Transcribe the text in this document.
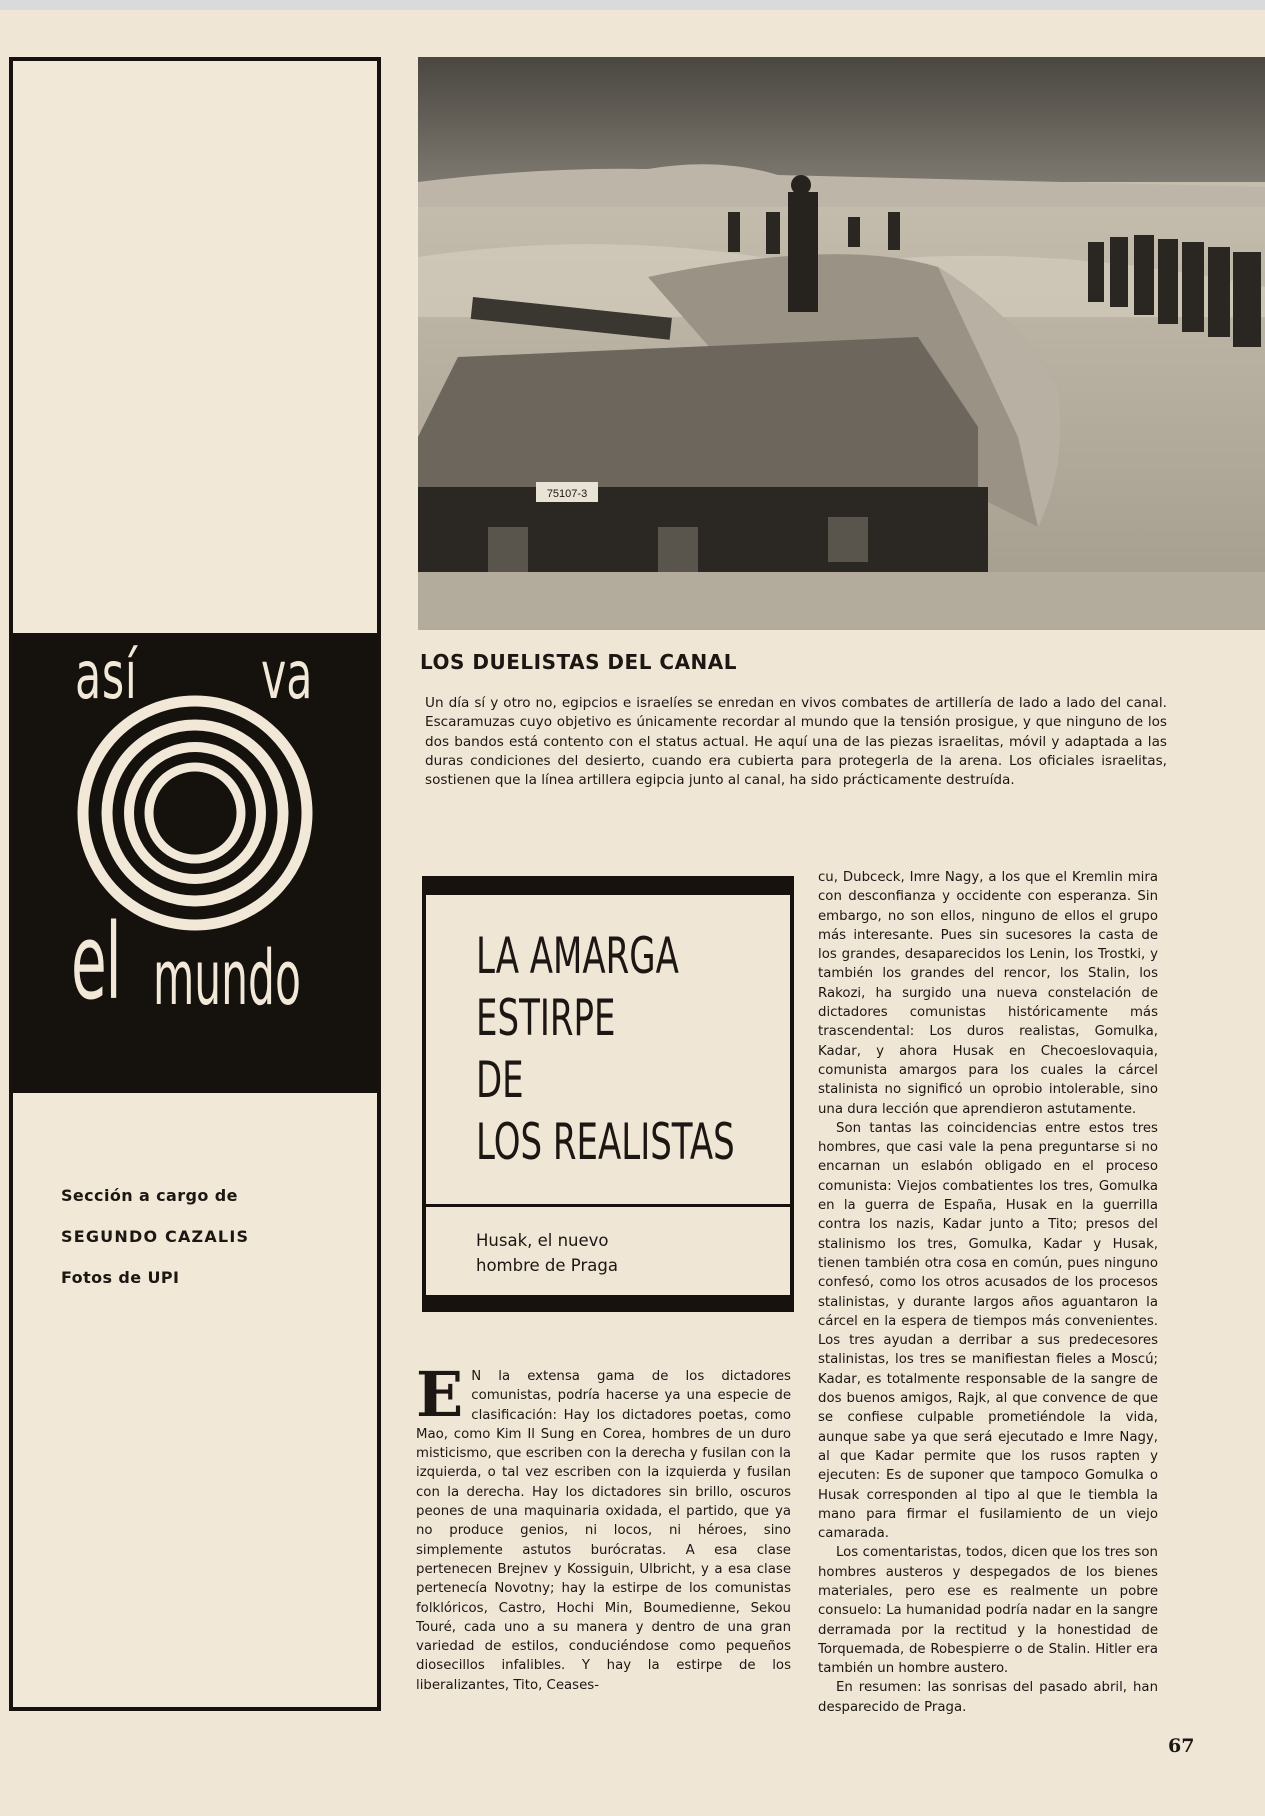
así va
el mundo
Sección a cargo de
SEGUNDO CAZALIS
Fotos de UPI
75107-3
LOS DUELISTAS DEL CANAL
Un día sí y otro no, egipcios e israelíes se enredan en vivos combates de artillería de lado a lado del canal. Escaramuzas cuyo objetivo es únicamente recordar al mundo que la tensión prosigue, y que ninguno de los dos bandos está contento con el status actual. He aquí una de las piezas israelitas, móvil y adaptada a las duras condiciones del desierto, cuando era cubierta para protegerla de la arena. Los oficiales israelitas, sostienen que la línea artillera egipcia junto al canal, ha sido prácticamente destruída.
LA AMARGA
ESTIRPE
DE
LOS REALISTAS
Husak, el nuevo
hombre de Praga

E N la extensa gama de los dictadores comunistas, podría hacerse ya una especie de clasificación: Hay los dictadores poetas, como Mao, como Kim Il Sung en Corea, hombres de un duro misticismo, que escriben con la derecha y fusilan con la izquierda, o tal vez escriben con la izquierda y fusilan con la derecha. Hay los dictadores sin brillo, oscuros peones de una maquinaria oxidada, el partido, que ya no produce genios, ni locos, ni héroes, sino simplemente astutos burócratas. A esa clase pertenecen Brejnev y Kossiguin, Ulbricht, y a esa clase pertenecía Novotny; hay la estirpe de los comunistas folklóricos, Castro, Hochi Min, Boumedienne, Sekou Touré, cada uno a su manera y dentro de una gran variedad de estilos, conduciéndose como pequeños diosecillos infalibles. Y hay la estirpe de los liberalizantes, Tito, Ceases-

cu, Dubceck, Imre Nagy, a los que el Kremlin mira con desconfianza y occidente con esperanza. Sin embargo, no son ellos, ninguno de ellos el grupo más interesante. Pues sin sucesores la casta de los grandes, desaparecidos los Lenin, los Trostki, y también los grandes del rencor, los Stalin, los Rakozi, ha surgido una nueva constelación de dictadores comunistas históricamente más trascendental: Los duros realistas, Gomulka, Kadar, y ahora Husak en Checoeslovaquia, comunista amargos para los cuales la cárcel stalinista no significó un oprobio intolerable, sino una dura lección que aprendieron astutamente.

Son tantas las coincidencias entre estos tres hombres, que casi vale la pena preguntarse si no encarnan un eslabón obligado en el proceso comunista: Viejos combatientes los tres, Gomulka en la guerra de España, Husak en la guerrilla contra los nazis, Kadar junto a Tito; presos del stalinismo los tres, Gomulka, Kadar y Husak, tienen también otra cosa en común, pues ninguno confesó, como los otros acusados de los procesos stalinistas, y durante largos años aguantaron la cárcel en la espera de tiempos más convenientes. Los tres ayudan a derribar a sus predecesores stalinistas, los tres se manifiestan fieles a Moscú; Kadar, es totalmente responsable de la sangre de dos buenos amigos, Rajk, al que convence de que se confiese culpable prometiéndole la vida, aunque sabe ya que será ejecutado e Imre Nagy, al que Kadar permite que los rusos rapten y ejecuten: Es de suponer que tampoco Gomulka o Husak corresponden al tipo al que le tiembla la mano para firmar el fusilamiento de un viejo camarada.

Los comentaristas, todos, dicen que los tres son hombres austeros y despegados de los bienes materiales, pero ese es realmente un pobre consuelo: La humanidad podría nadar en la sangre derramada por la rectitud y la honestidad de Torquemada, de Robespierre o de Stalin. Hitler era también un hombre austero.

En resumen: las sonrisas del pasado abril, han desparecido de Praga.

67
